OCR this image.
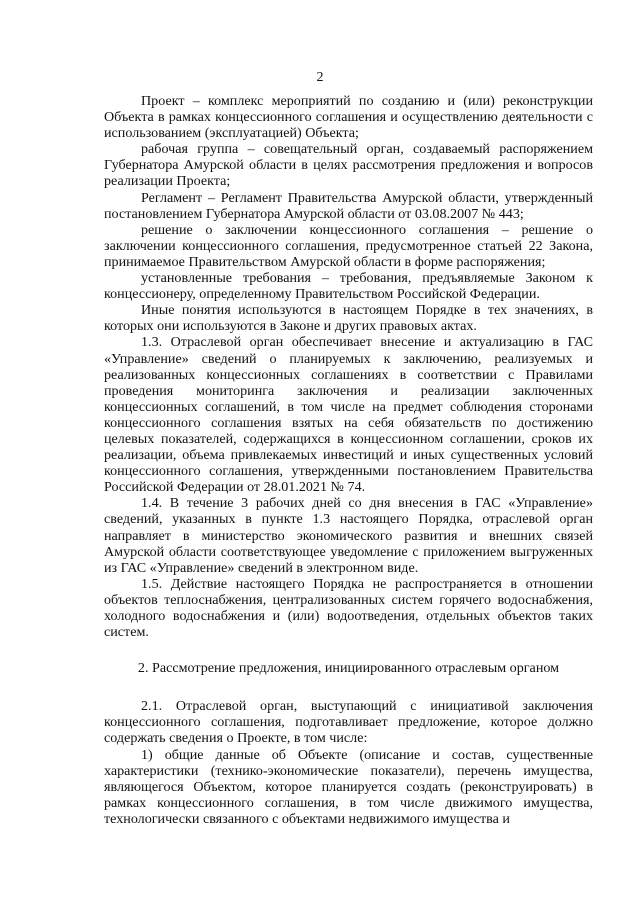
2

Проект – комплекс мероприятий по созданию и (или) реконструкции Объекта в рамках концессионного соглашения и осуществлению деятельности с использованием (эксплуатацией) Объекта;

рабочая группа – совещательный орган, создаваемый распоряжением Губернатора Амурской области в целях рассмотрения предложения и вопросов реализации Проекта;

Регламент – Регламент Правительства Амурской области, утвержденный постановлением Губернатора Амурской области от 03.08.2007 № 443;

решение о заключении концессионного соглашения – решение о заключении концессионного соглашения, предусмотренное статьей 22 Закона, принимаемое Правительством Амурской области в форме распоряжения;

установленные требования – требования, предъявляемые Законом к концессионеру, определенному Правительством Российской Федерации.

Иные понятия используются в настоящем Порядке в тех значениях, в которых они используются в Законе и других правовых актах.

1.3. Отраслевой орган обеспечивает внесение и актуализацию в ГАС «Управление» сведений о планируемых к заключению, реализуемых и реализованных концессионных соглашениях в соответствии с Правилами проведения мониторинга заключения и реализации заключенных концессионных соглашений, в том числе на предмет соблюдения сторонами концессионного соглашения взятых на себя обязательств по достижению целевых показателей, содержащихся в концессионном соглашении, сроков их реализации, объема привлекаемых инвестиций и иных существенных условий концессионного соглашения, утвержденными постановлением Правительства Российской Федерации от 28.01.2021 № 74.

1.4. В течение 3 рабочих дней со дня внесения в ГАС «Управление» сведений, указанных в пункте 1.3 настоящего Порядка, отраслевой орган направляет в министерство экономического развития и внешних связей Амурской области соответствующее уведомление с приложением выгруженных из ГАС «Управление» сведений в электронном виде.

1.5. Действие настоящего Порядка не распространяется в отношении объектов теплоснабжения, централизованных систем горячего водоснабжения, холодного водоснабжения и (или) водоотведения, отдельных объектов таких систем.

2. Рассмотрение предложения, инициированного отраслевым органом

2.1. Отраслевой орган, выступающий с инициативой заключения концессионного соглашения, подготавливает предложение, которое должно содержать сведения о Проекте, в том числе:

1) общие данные об Объекте (описание и состав, существенные характеристики (технико-экономические показатели), перечень имущества, являющегося Объектом, которое планируется создать (реконструировать) в рамках концессионного соглашения, в том числе движимого имущества, технологически связанного с объектами недвижимого имущества и
